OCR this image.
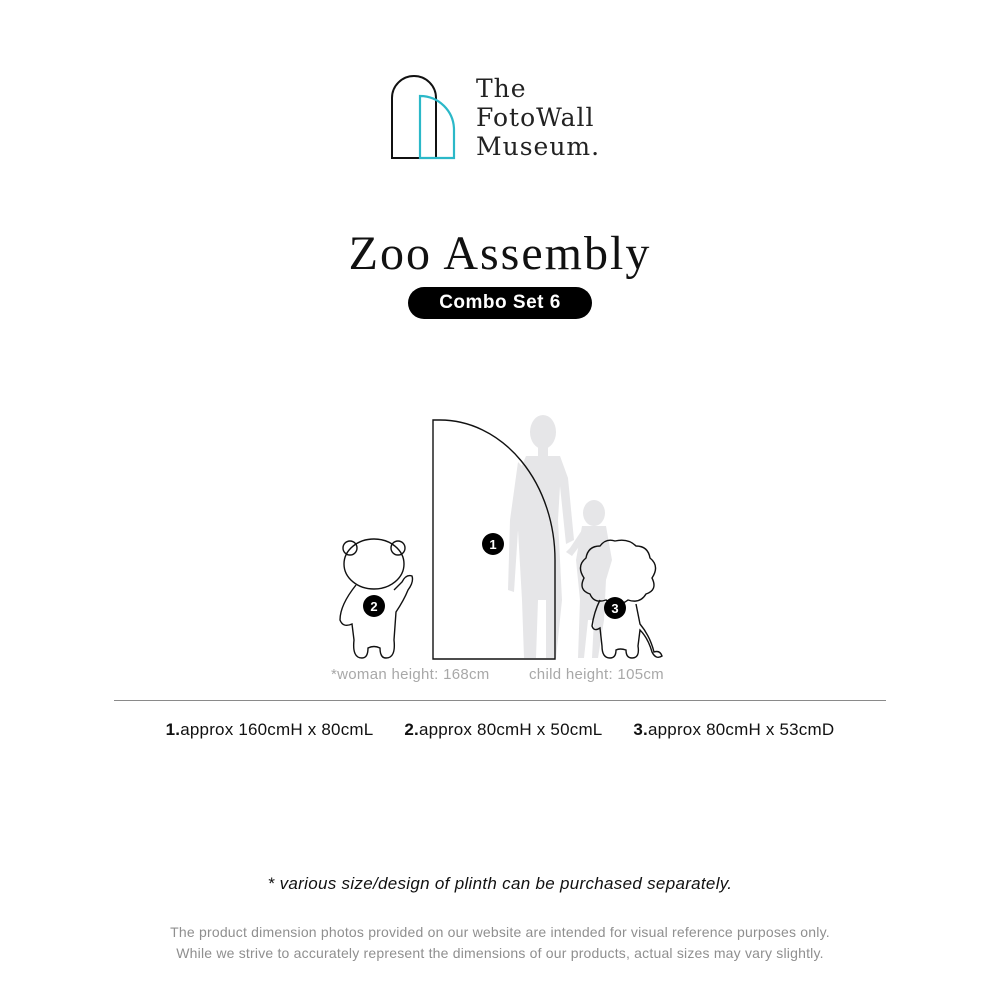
The
FotoWall
Museum.
Zoo Assembly
Combo Set 6
1
2	3
*woman height: 168cm	child height: 105cm
1.approx 160cmH x 80cmL 2.approx 80cmH x 50cmL 3.approx 80cmH x 53cmD
* various size/design of plinth can be purchased separately.
The product dimension photos provided on our website are intended for visual reference purposes only.
While we strive to accurately represent the dimensions of our products, actual sizes may vary slightly.
